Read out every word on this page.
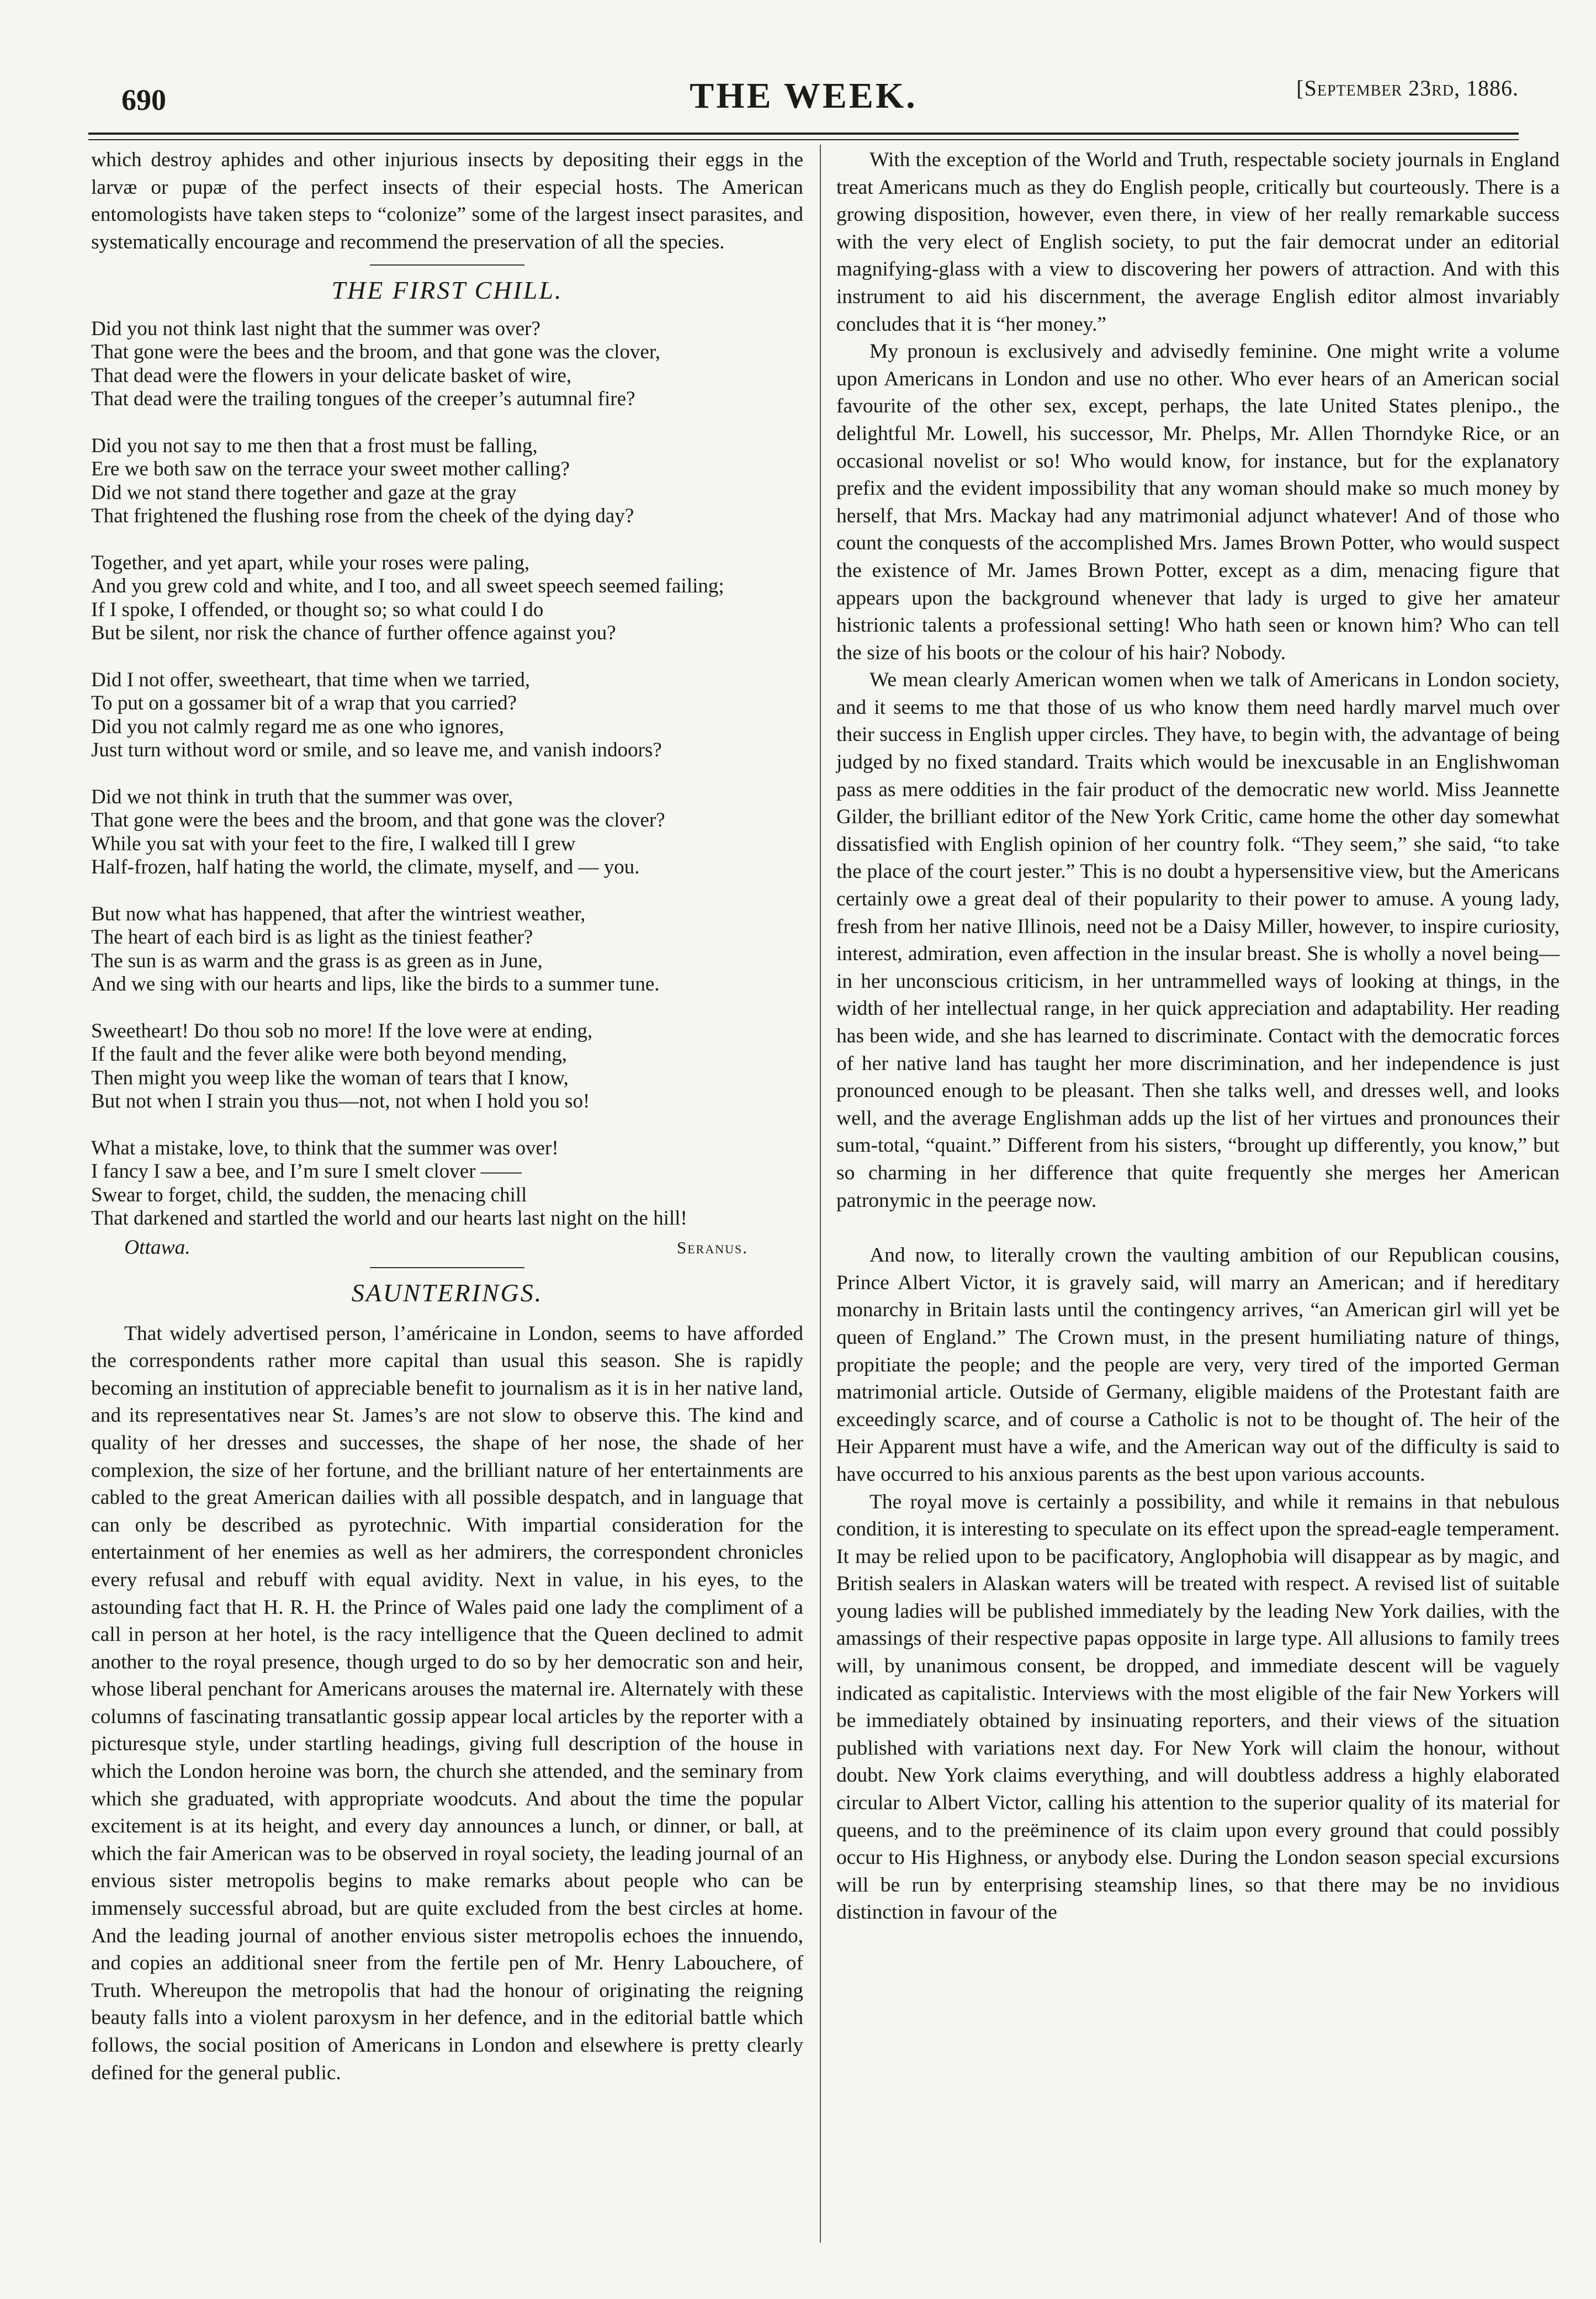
690	THE WEEK.	[September 23rd, 1886.

which destroy aphides and other injurious insects by depositing their eggs in the larvæ or pupæ of the perfect insects of their especial hosts. The American entomologists have taken steps to “colonize” some of the largest insect parasites, and systematically encourage and recommend the preservation of all the species.

THE FIRST CHILL.
Did you not think last night that the summer was over?
That gone were the bees and the broom, and that gone was the clover,
That dead were the flowers in your delicate basket of wire,
That dead were the trailing tongues of the creeper’s autumnal fire?
Did you not say to me then that a frost must be falling,
Ere we both saw on the terrace your sweet mother calling?
Did we not stand there together and gaze at the gray
That frightened the flushing rose from the cheek of the dying day?
Together, and yet apart, while your roses were paling,
And you grew cold and white, and I too, and all sweet speech seemed failing;
If I spoke, I offended, or thought so; so what could I do
But be silent, nor risk the chance of further offence against you?
Did I not offer, sweetheart, that time when we tarried,
To put on a gossamer bit of a wrap that you carried?
Did you not calmly regard me as one who ignores,
Just turn without word or smile, and so leave me, and vanish indoors?
Did we not think in truth that the summer was over,
That gone were the bees and the broom, and that gone was the clover?
While you sat with your feet to the fire, I walked till I grew
Half-frozen, half hating the world, the climate, myself, and — you.
But now what has happened, that after the wintriest weather,
The heart of each bird is as light as the tiniest feather?
The sun is as warm and the grass is as green as in June,
And we sing with our hearts and lips, like the birds to a summer tune.
Sweetheart! Do thou sob no more! If the love were at ending,
If the fault and the fever alike were both beyond mending,
Then might you weep like the woman of tears that I know,
But not when I strain you thus—not, not when I hold you so!
What a mistake, love, to think that the summer was over!
I fancy I saw a bee, and I’m sure I smelt clover ——
Swear to forget, child, the sudden, the menacing chill
That darkened and startled the world and our hearts last night on the hill!
Ottawa.	Seranus.
SAUNTERINGS.

That widely advertised person, l’américaine in London, seems to have afforded the correspondents rather more capital than usual this season. She is rapidly becoming an institution of appreciable benefit to journalism as it is in her native land, and its representatives near St. James’s are not slow to observe this. The kind and quality of her dresses and successes, the shape of her nose, the shade of her complexion, the size of her fortune, and the brilliant nature of her entertainments are cabled to the great American dailies with all possible despatch, and in language that can only be described as pyrotechnic. With impartial consideration for the entertainment of her enemies as well as her admirers, the correspondent chronicles every refusal and rebuff with equal avidity. Next in value, in his eyes, to the astounding fact that H. R. H. the Prince of Wales paid one lady the compliment of a call in person at her hotel, is the racy intelligence that the Queen declined to admit another to the royal presence, though urged to do so by her democratic son and heir, whose liberal penchant for Americans arouses the maternal ire. Alternately with these columns of fascinating transatlantic gossip appear local articles by the reporter with a picturesque style, under startling headings, giving full description of the house in which the London heroine was born, the church she attended, and the seminary from which she graduated, with appropriate woodcuts. And about the time the popular excitement is at its height, and every day announces a lunch, or dinner, or ball, at which the fair American was to be observed in royal society, the leading journal of an envious sister metropolis begins to make remarks about people who can be immensely successful abroad, but are quite excluded from the best circles at home. And the leading journal of another envious sister metropolis echoes the innuendo, and copies an additional sneer from the fertile pen of Mr. Henry Labouchere, of Truth. Whereupon the metropolis that had the honour of originating the reigning beauty falls into a violent paroxysm in her defence, and in the editorial battle which follows, the social position of Americans in London and elsewhere is pretty clearly defined for the general public.

With the exception of the World and Truth, respectable society journals in England treat Americans much as they do English people, critically but courteously. There is a growing disposition, however, even there, in view of her really remarkable success with the very elect of English society, to put the fair democrat under an editorial magnifying-glass with a view to discovering her powers of attraction. And with this instrument to aid his discernment, the average English editor almost invariably concludes that it is “her money.”

My pronoun is exclusively and advisedly feminine. One might write a volume upon Americans in London and use no other. Who ever hears of an American social favourite of the other sex, except, perhaps, the late United States plenipo., the delightful Mr. Lowell, his successor, Mr. Phelps, Mr. Allen Thorndyke Rice, or an occasional novelist or so! Who would know, for instance, but for the explanatory prefix and the evident impossibility that any woman should make so much money by herself, that Mrs. Mackay had any matrimonial adjunct whatever! And of those who count the conquests of the accomplished Mrs. James Brown Potter, who would suspect the existence of Mr. James Brown Potter, except as a dim, menacing figure that appears upon the background whenever that lady is urged to give her amateur histrionic talents a professional setting! Who hath seen or known him? Who can tell the size of his boots or the colour of his hair? Nobody.

We mean clearly American women when we talk of Americans in London society, and it seems to me that those of us who know them need hardly marvel much over their success in English upper circles. They have, to begin with, the advantage of being judged by no fixed standard. Traits which would be inexcusable in an Englishwoman pass as mere oddities in the fair product of the democratic new world. Miss Jeannette Gilder, the brilliant editor of the New York Critic, came home the other day somewhat dissatisfied with English opinion of her country folk. “They seem,” she said, “to take the place of the court jester.” This is no doubt a hypersensitive view, but the Americans certainly owe a great deal of their popularity to their power to amuse. A young lady, fresh from her native Illinois, need not be a Daisy Miller, however, to inspire curiosity, interest, admiration, even affection in the insular breast. She is wholly a novel being—in her unconscious criticism, in her untrammelled ways of looking at things, in the width of her intellectual range, in her quick appreciation and adaptability. Her reading has been wide, and she has learned to discriminate. Contact with the democratic forces of her native land has taught her more discrimination, and her independence is just pronounced enough to be pleasant. Then she talks well, and dresses well, and looks well, and the average Englishman adds up the list of her virtues and pronounces their sum-total, “quaint.” Different from his sisters, “brought up differently, you know,” but so charming in her difference that quite frequently she merges her American patronymic in the peerage now.

And now, to literally crown the vaulting ambition of our Republican cousins, Prince Albert Victor, it is gravely said, will marry an American; and if hereditary monarchy in Britain lasts until the contingency arrives, “an American girl will yet be queen of England.” The Crown must, in the present humiliating nature of things, propitiate the people; and the people are very, very tired of the imported German matrimonial article. Outside of Germany, eligible maidens of the Protestant faith are exceedingly scarce, and of course a Catholic is not to be thought of. The heir of the Heir Apparent must have a wife, and the American way out of the difficulty is said to have occurred to his anxious parents as the best upon various accounts.

The royal move is certainly a possibility, and while it remains in that nebulous condition, it is interesting to speculate on its effect upon the spread-eagle temperament. It may be relied upon to be pacificatory, Anglophobia will disappear as by magic, and British sealers in Alaskan waters will be treated with respect. A revised list of suitable young ladies will be published immediately by the leading New York dailies, with the amassings of their respective papas opposite in large type. All allusions to family trees will, by unanimous consent, be dropped, and immediate descent will be vaguely indicated as capitalistic. Interviews with the most eligible of the fair New Yorkers will be immediately obtained by insinuating reporters, and their views of the situation published with variations next day. For New York will claim the honour, without doubt. New York claims everything, and will doubtless address a highly elaborated circular to Albert Victor, calling his attention to the superior quality of its material for queens, and to the preëminence of its claim upon every ground that could possibly occur to His Highness, or anybody else. During the London season special excursions will be run by enterprising steamship lines, so that there may be no invidious distinction in favour of the
